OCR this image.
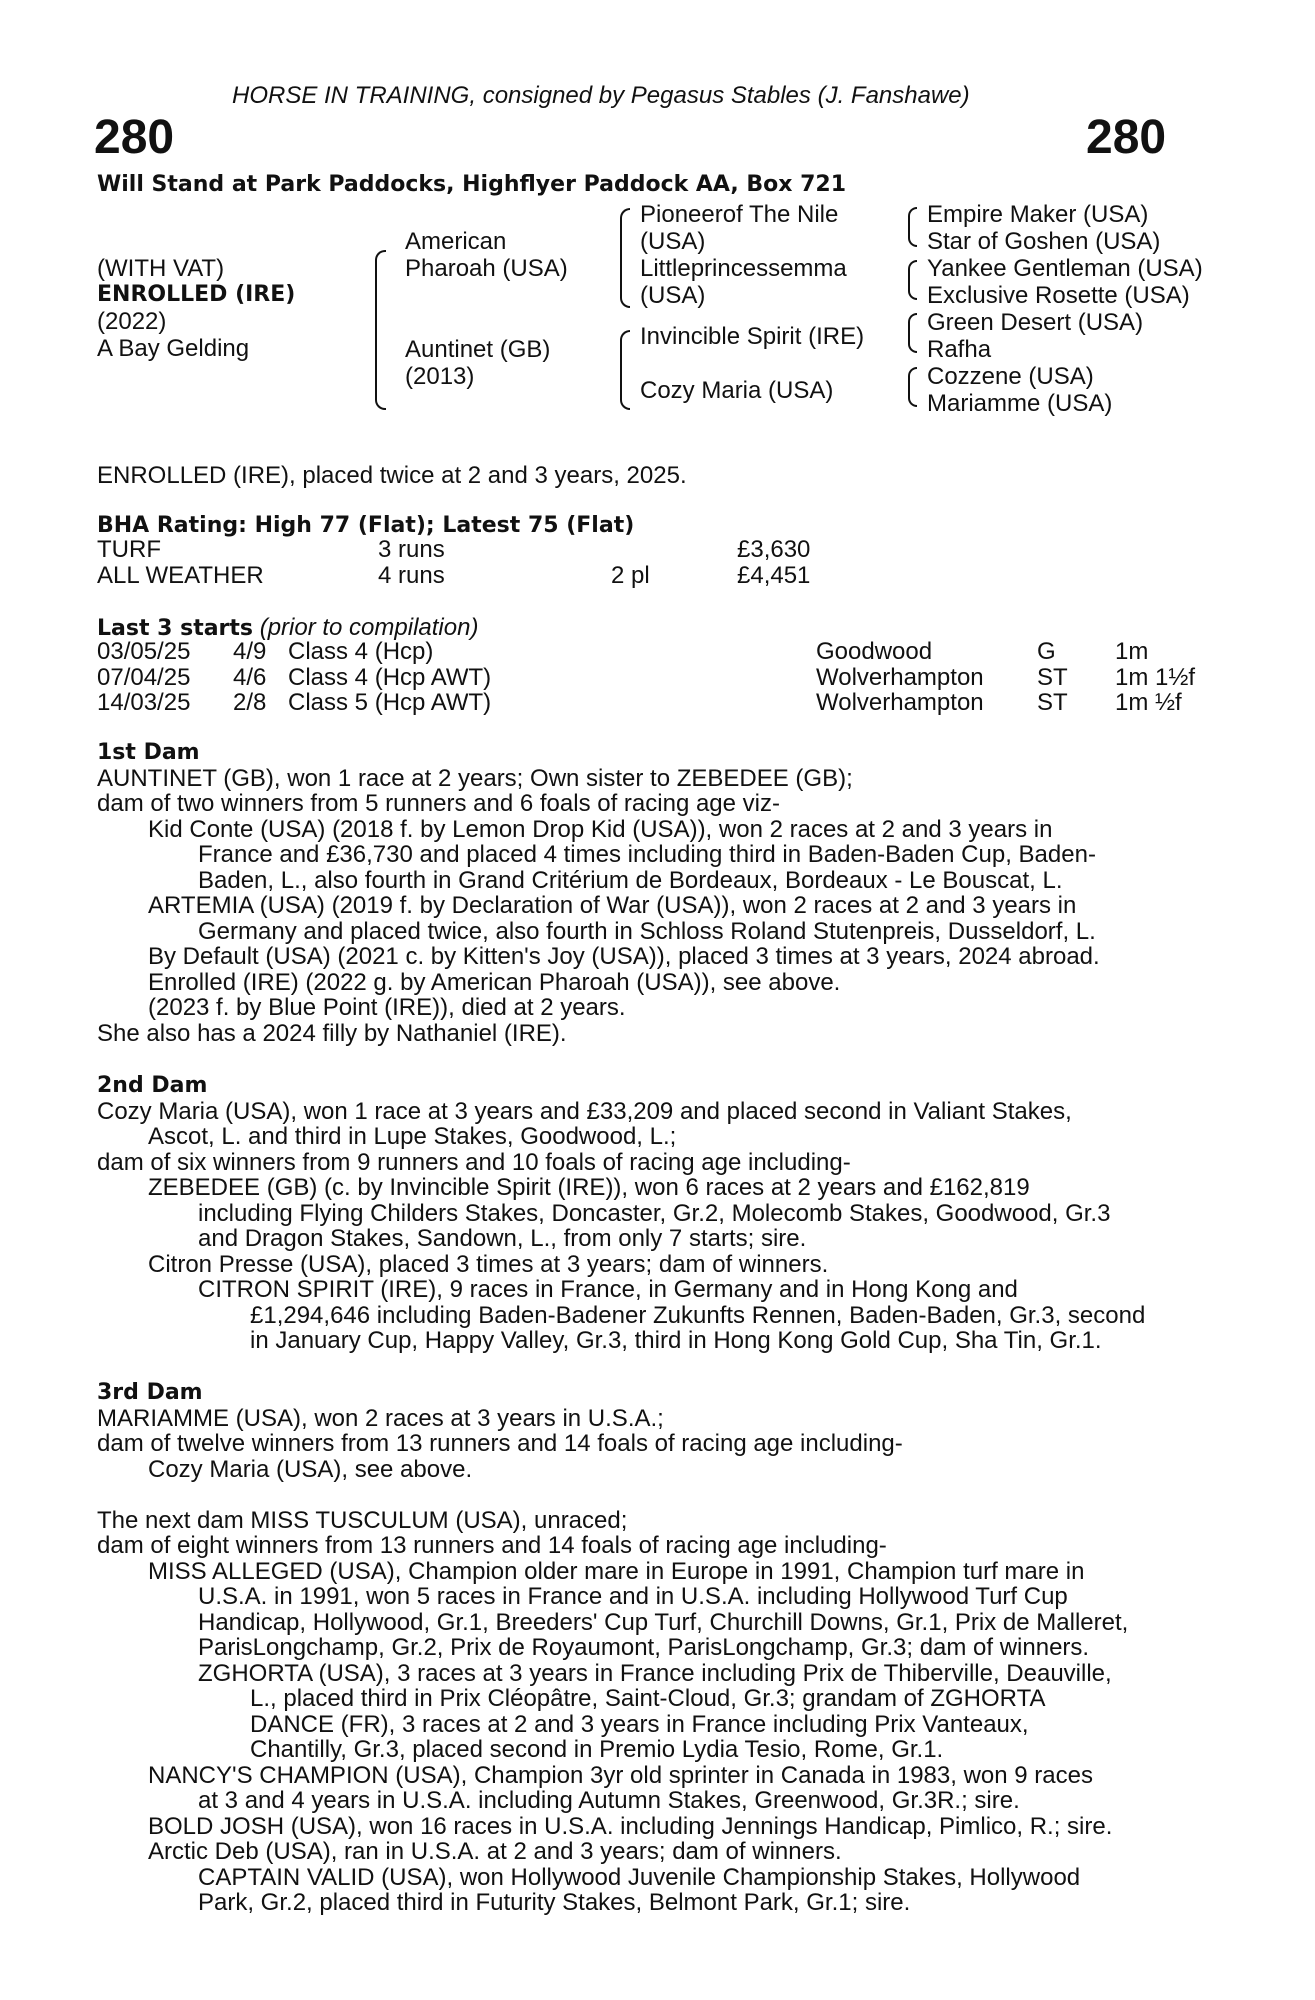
HORSE IN TRAINING, consigned by Pegasus Stables (J. Fanshawe)
280	280
Will Stand at Park Paddocks, Highflyer Paddock AA, Box 721
(WITH VAT)
ENROLLED (IRE)
(2022)
A Bay Gelding
American
Pharoah (USA)
Auntinet (GB)
(2013)
Pioneerof The Nile
(USA)
Littleprincessemma
(USA)
Invincible Spirit (IRE)
Cozy Maria (USA)
Empire Maker (USA)
Star of Goshen (USA)
Yankee Gentleman (USA)
Exclusive Rosette (USA)
Green Desert (USA)
Rafha
Cozzene (USA)
Mariamme (USA)
ENROLLED (IRE), placed twice at 2 and 3 years, 2025.
BHA Rating: High 77 (Flat); Latest 75 (Flat)
TURF	3 runs	£3,630
ALL WEATHER	4 runs	2 pl	£4,451
Last 3 starts (prior to compilation)
03/05/25 4/9 Class 4 (Hcp)	Goodwood	G 1m
07/04/25 4/6 Class 4 (Hcp AWT)	Wolverhampton ST 1m 1½f
14/03/25 2/8 Class 5 (Hcp AWT)	Wolverhampton ST 1m ½f
1st Dam

AUNTINET (GB), won 1 race at 2 years; Own sister to ZEBEDEE (GB);

dam of two winners from 5 runners and 6 foals of racing age viz-

Kid Conte (USA) (2018 f. by Lemon Drop Kid (USA)), won 2 races at 2 and 3 years in

France and £36,730 and placed 4 times including third in Baden-Baden Cup, Baden-

Baden, L., also fourth in Grand Critérium de Bordeaux, Bordeaux - Le Bouscat, L.

ARTEMIA (USA) (2019 f. by Declaration of War (USA)), won 2 races at 2 and 3 years in

Germany and placed twice, also fourth in Schloss Roland Stutenpreis, Dusseldorf, L.

By Default (USA) (2021 c. by Kitten's Joy (USA)), placed 3 times at 3 years, 2024 abroad.

Enrolled (IRE) (2022 g. by American Pharoah (USA)), see above.

(2023 f. by Blue Point (IRE)), died at 2 years.

She also has a 2024 filly by Nathaniel (IRE).

2nd Dam

Cozy Maria (USA), won 1 race at 3 years and £33,209 and placed second in Valiant Stakes,

Ascot, L. and third in Lupe Stakes, Goodwood, L.;

dam of six winners from 9 runners and 10 foals of racing age including-

ZEBEDEE (GB) (c. by Invincible Spirit (IRE)), won 6 races at 2 years and £162,819

including Flying Childers Stakes, Doncaster, Gr.2, Molecomb Stakes, Goodwood, Gr.3

and Dragon Stakes, Sandown, L., from only 7 starts; sire.

Citron Presse (USA), placed 3 times at 3 years; dam of winners.

CITRON SPIRIT (IRE), 9 races in France, in Germany and in Hong Kong and

£1,294,646 including Baden-Badener Zukunfts Rennen, Baden-Baden, Gr.3, second

in January Cup, Happy Valley, Gr.3, third in Hong Kong Gold Cup, Sha Tin, Gr.1.

3rd Dam

MARIAMME (USA), won 2 races at 3 years in U.S.A.;

dam of twelve winners from 13 runners and 14 foals of racing age including-

Cozy Maria (USA), see above.

The next dam MISS TUSCULUM (USA), unraced;

dam of eight winners from 13 runners and 14 foals of racing age including-

MISS ALLEGED (USA), Champion older mare in Europe in 1991, Champion turf mare in

U.S.A. in 1991, won 5 races in France and in U.S.A. including Hollywood Turf Cup

Handicap, Hollywood, Gr.1, Breeders' Cup Turf, Churchill Downs, Gr.1, Prix de Malleret,

ParisLongchamp, Gr.2, Prix de Royaumont, ParisLongchamp, Gr.3; dam of winners.

ZGHORTA (USA), 3 races at 3 years in France including Prix de Thiberville, Deauville,

L., placed third in Prix Cléopâtre, Saint-Cloud, Gr.3; grandam of ZGHORTA

DANCE (FR), 3 races at 2 and 3 years in France including Prix Vanteaux,

Chantilly, Gr.3, placed second in Premio Lydia Tesio, Rome, Gr.1.

NANCY'S CHAMPION (USA), Champion 3yr old sprinter in Canada in 1983, won 9 races

at 3 and 4 years in U.S.A. including Autumn Stakes, Greenwood, Gr.3R.; sire.

BOLD JOSH (USA), won 16 races in U.S.A. including Jennings Handicap, Pimlico, R.; sire.

Arctic Deb (USA), ran in U.S.A. at 2 and 3 years; dam of winners.

CAPTAIN VALID (USA), won Hollywood Juvenile Championship Stakes, Hollywood

Park, Gr.2, placed third in Futurity Stakes, Belmont Park, Gr.1; sire.
